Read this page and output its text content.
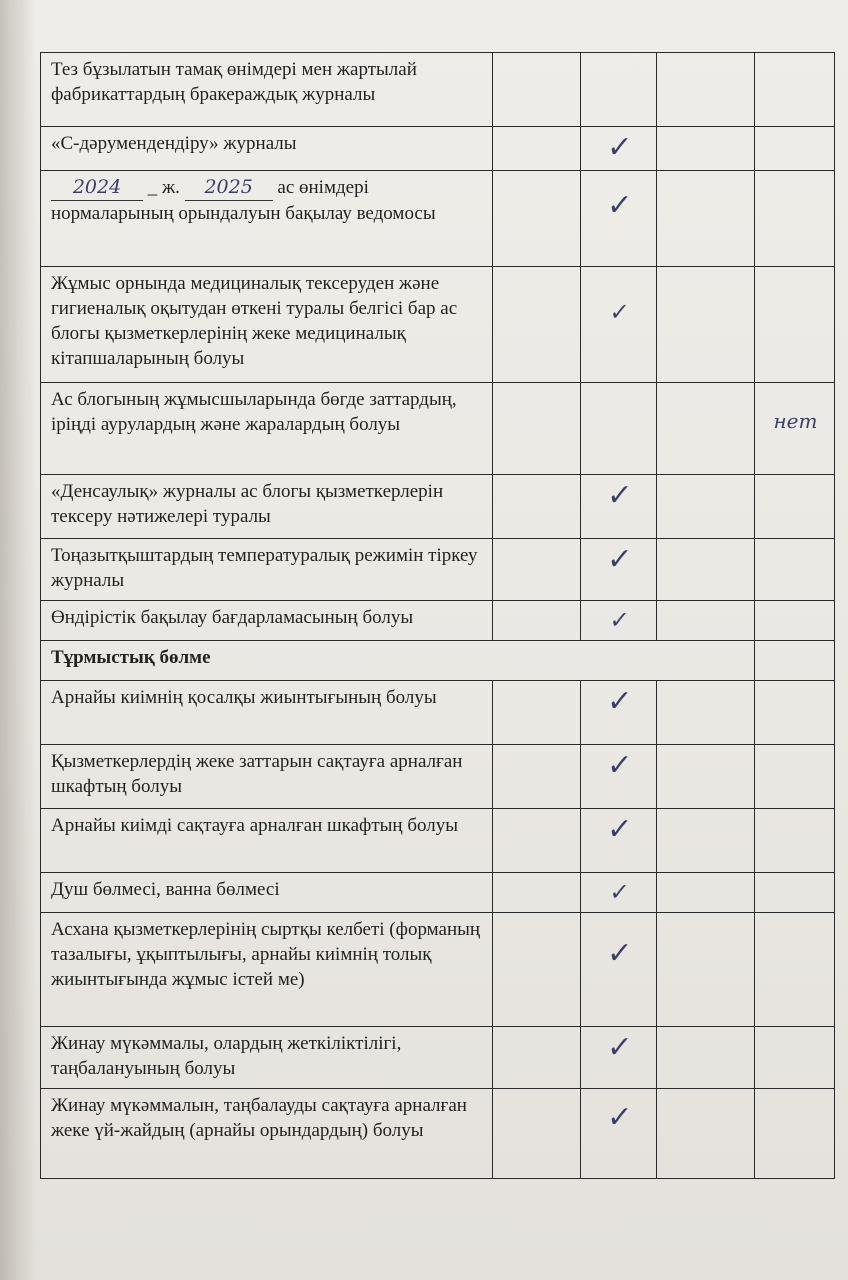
Тез бұзылатын тамақ өнімдері мен жартылай фабрикаттардың бракераждық журналы				
«С-дәрумендендіру» журналы		✓		

2024 _ ж. 2025 ас өнімдері нормаларының орындалуын бақылау ведомосы		✓		

Жұмыс орнында медициналық тексеруден және гигиеналық оқытудан өткені туралы белгісі бар ас блогы қызметкерлерінің жеке медициналық кітапшаларының болуы		✓		

Ас блогының жұмысшыларында бөгде заттардың, іріңді аурулардың және жаралардың болуы				нет

«Денсаулық» журналы ас блогы қызметкерлерін тексеру нәтижелері туралы		✓		

Тоңазытқыштардың температуралық режимін тіркеу журналы		✓		

Өндірістік бақылау бағдарламасының болуы		✓		

Тұрмыстық бөлме				
Арнайы киімнің қосалқы жиынтығының болуы		✓		

Қызметкерлердің жеке заттарын сақтауға арналған шкафтың болуы		✓		

Арнайы киімді сақтауға арналған шкафтың болуы		✓		

Душ бөлмесі, ванна бөлмесі		✓		

Асхана қызметкерлерінің сыртқы келбеті (форманың тазалығы, ұқыптылығы, арнайы киімнің толық жиынтығында жұмыс істей ме)		✓		

Жинау мүкәммалы, олардың жеткіліктілігі, таңбалануының болуы		✓		

Жинау мүкәммалын, таңбалауды сақтауға арналған жеке үй-жайдың (арнайы орындардың) болуы		✓		
